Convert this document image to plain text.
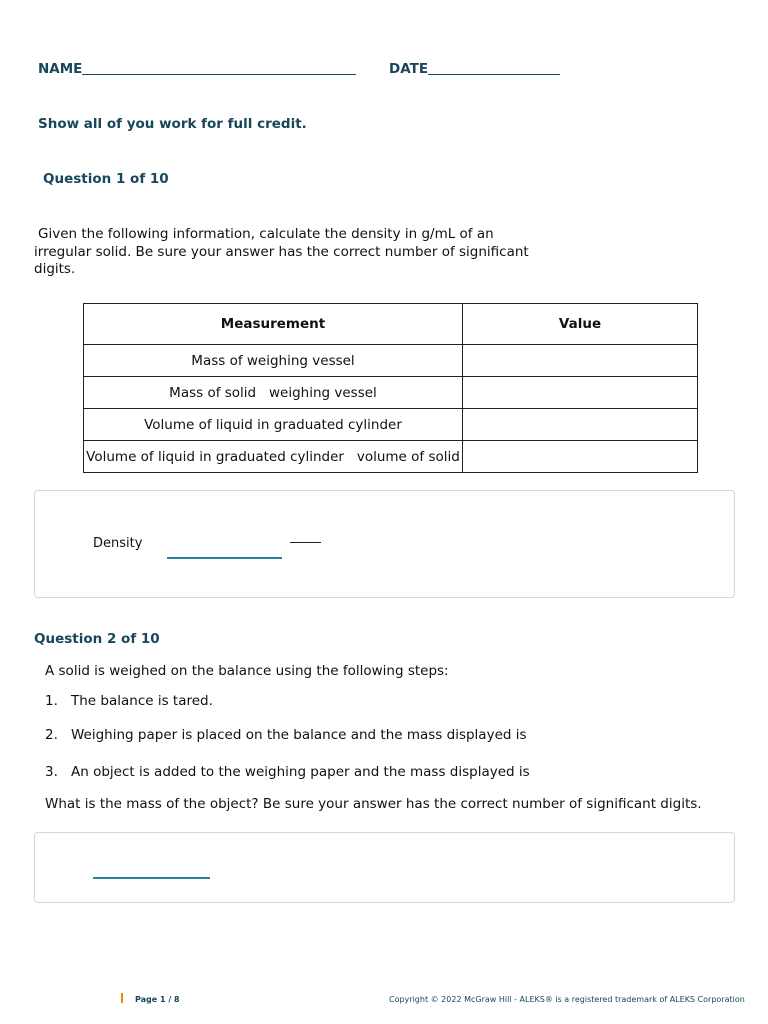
NAME	DATE
Show all of you work for full credit.
Question 1 of 10
Given the following information, calculate the density in g/mL of an
irregular solid. Be sure your answer has the correct number of significant
digits.
Measurement	Value
Mass of weighing vessel	
Mass of solid   weighing vessel	
Volume of liquid in graduated cylinder	
Volume of liquid in graduated cylinder   volume of solid	
Density
Question 2 of 10
A solid is weighed on the balance using the following steps:
1. The balance is tared.
2. Weighing paper is placed on the balance and the mass displayed is
3. An object is added to the weighing paper and the mass displayed is
What is the mass of the object? Be sure your answer has the correct number of significant digits.
Page 1 / 8	Copyright © 2022 McGraw Hill - ALEKS® is a registered trademark of ALEKS Corporation
